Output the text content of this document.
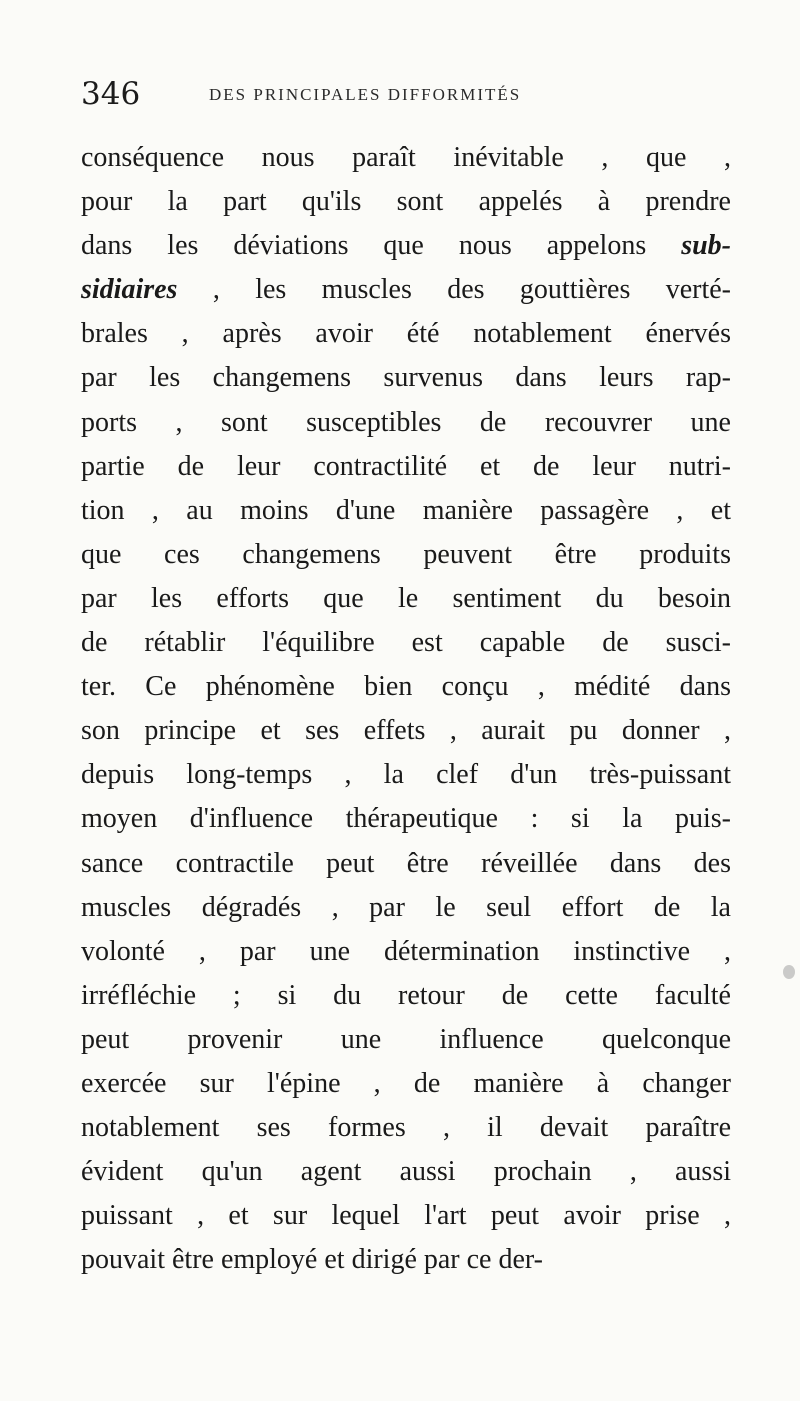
346	DES PRINCIPALES DIFFORMITÉS
conséquence nous paraît inévitable , que ,
pour la part qu'ils sont appelés à prendre
dans les déviations que nous appelons sub-
sidiaires , les muscles des gouttières verté-
brales , après avoir été notablement énervés
par les changemens survenus dans leurs rap-
ports , sont susceptibles de recouvrer une
partie de leur contractilité et de leur nutri-
tion , au moins d'une manière passagère , et
que ces changemens peuvent être produits
par les efforts que le sentiment du besoin
de rétablir l'équilibre est capable de susci-
ter. Ce phénomène bien conçu , médité dans
son principe et ses effets , aurait pu donner ,
depuis long-temps , la clef d'un très-puissant
moyen d'influence thérapeutique : si la puis-
sance contractile peut être réveillée dans des
muscles dégradés , par le seul effort de la
volonté , par une détermination instinctive ,
irréfléchie ; si du retour de cette faculté
peut provenir une influence quelconque
exercée sur l'épine , de manière à changer
notablement ses formes , il devait paraître
évident qu'un agent aussi prochain , aussi
puissant , et sur lequel l'art peut avoir prise ,
pouvait être employé et dirigé par ce der-
